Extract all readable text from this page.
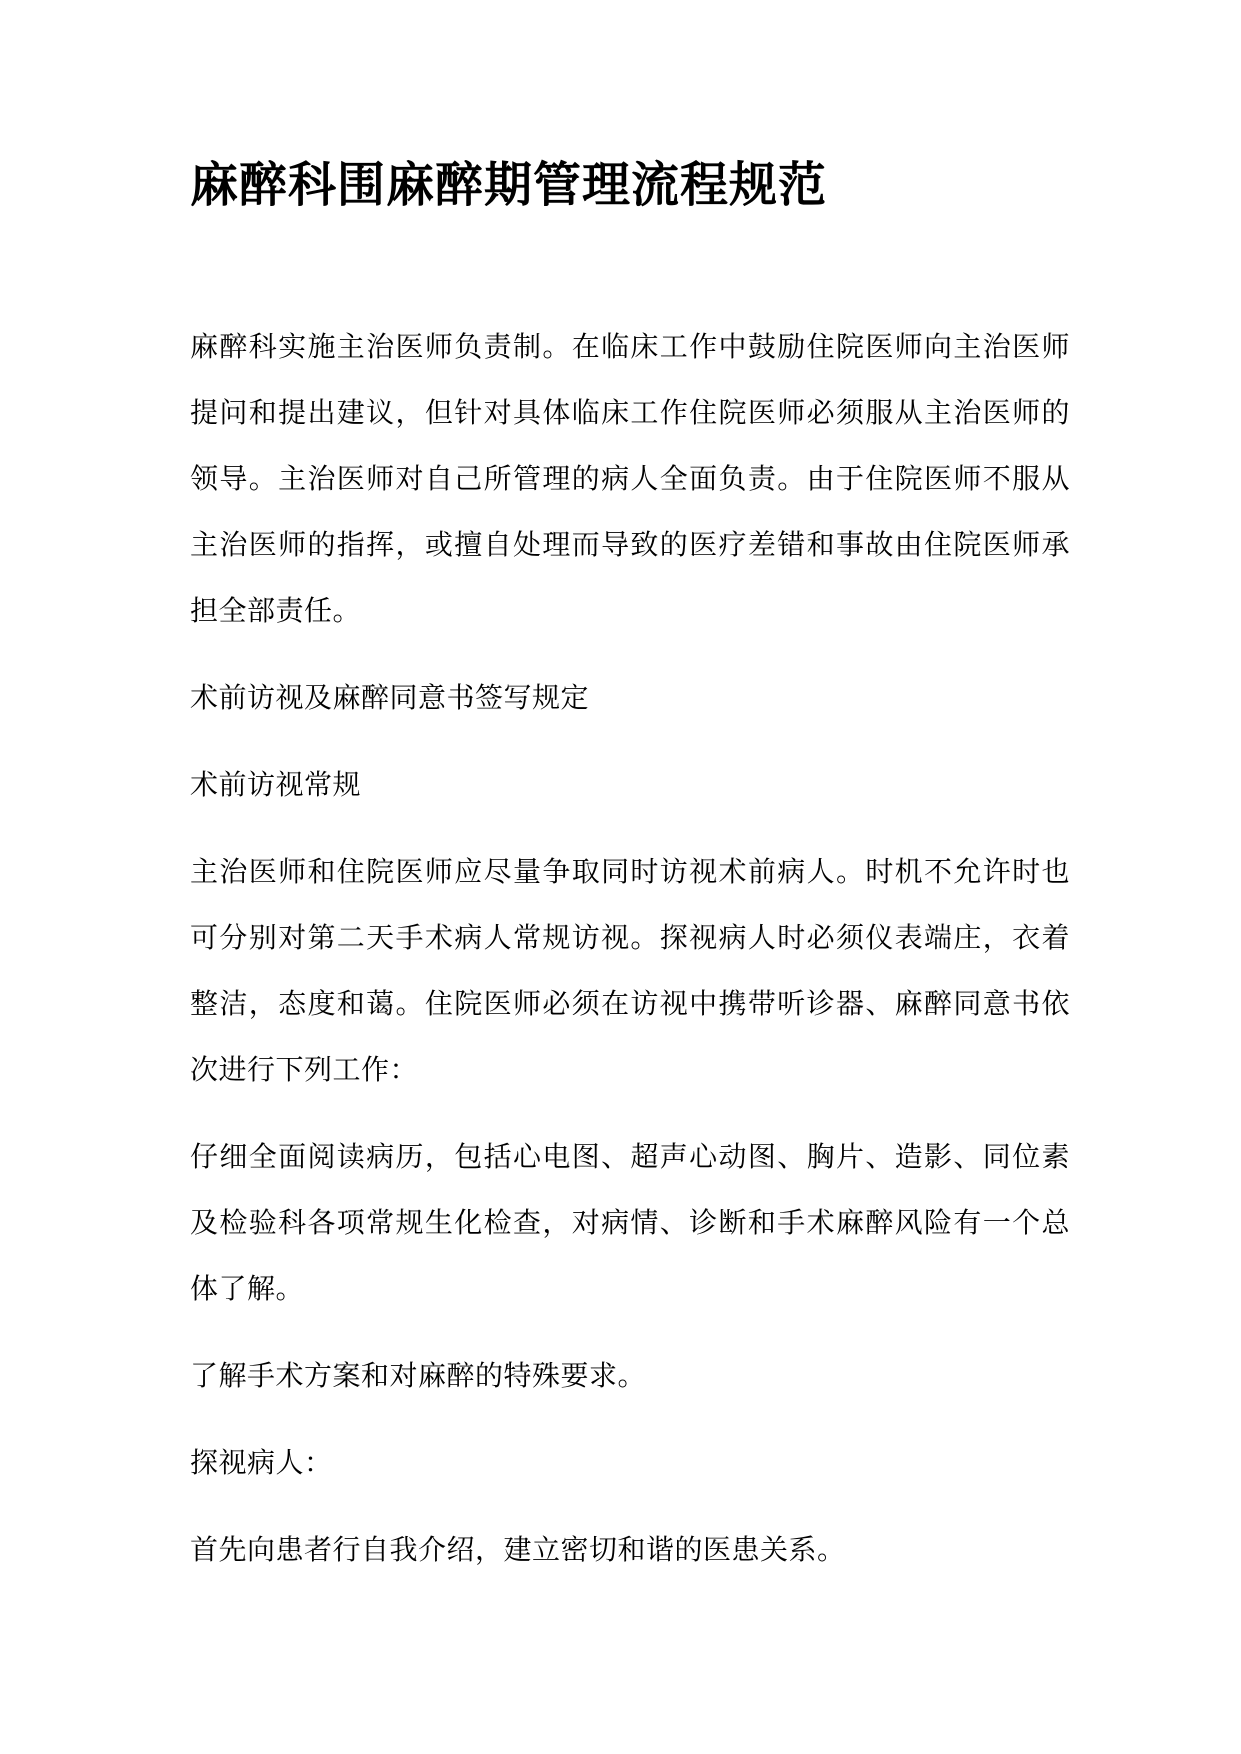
麻醉科围麻醉期管理流程规范

麻醉科实施主治医师负责制。在临床工作中鼓励住院医师向主治医师提问和提出建议，但针对具体临床工作住院医师必须服从主治医师的领导。主治医师对自己所管理的病人全面负责。由于住院医师不服从主治医师的指挥，或擅自处理而导致的医疗差错和事故由住院医师承担全部责任。

术前访视及麻醉同意书签写规定

术前访视常规

主治医师和住院医师应尽量争取同时访视术前病人。时机不允许时也可分别对第二天手术病人常规访视。探视病人时必须仪表端庄，衣着整洁，态度和蔼。住院医师必须在访视中携带听诊器、麻醉同意书依次进行下列工作：

仔细全面阅读病历，包括心电图、超声心动图、胸片、造影、同位素及检验科各项常规生化检查，对病情、诊断和手术麻醉风险有一个总体了解。

了解手术方案和对麻醉的特殊要求。

探视病人：

首先向患者行自我介绍，建立密切和谐的医患关系。
